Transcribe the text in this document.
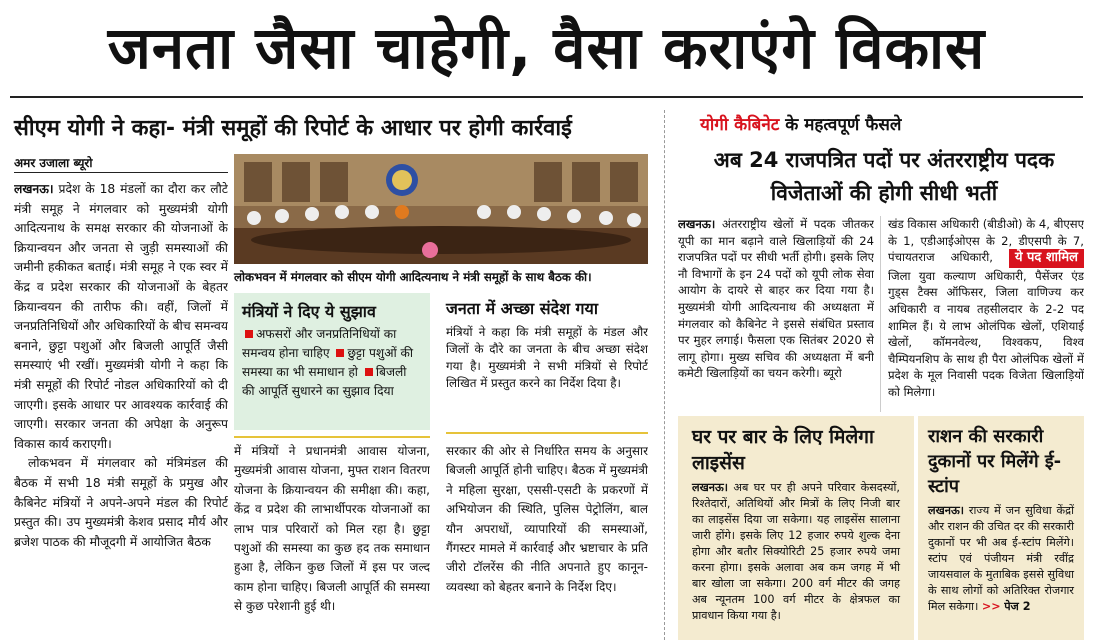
जनता जैसा चाहेगी, वैसा कराएंगे विकास
सीएम योगी ने कहा- मंत्री समूहों की रिपोर्ट के आधार पर होगी कार्रवाई
अमर उजाला ब्यूरो

लखनऊ। प्रदेश के 18 मंडलों का दौरा कर लौटे मंत्री समूह ने मंगलवार को मुख्यमंत्री योगी आदित्यनाथ के समक्ष सरकार की योजनाओं के क्रियान्वयन और जनता से जुड़ी समस्याओं की जमीनी हकीकत बताई। मंत्री समूह ने एक स्वर में केंद्र व प्रदेश सरकार की योजनाओं के बेहतर क्रियान्वयन की तारीफ की। वहीं, जिलों में जनप्रतिनिधियों और अधिकारियों के बीच समन्वय बनाने, छुट्टा पशुओं और बिजली आपूर्ति जैसी समस्याएं भी रखीं। मुख्यमंत्री योगी ने कहा कि मंत्री समूहों की रिपोर्ट नोडल अधिकारियों को दी जाएगी। इसके आधार पर आवश्यक कार्रवाई की जाएगी। सरकार जनता की अपेक्षा के अनुरूप विकास कार्य कराएगी।

लोकभवन में मंगलवार को मंत्रिमंडल की बैठक में सभी 18 मंत्री समूहों के प्रमुख और कैबिनेट मंत्रियों ने अपने-अपने मंडल की रिपोर्ट प्रस्तुत की। उप मुख्यमंत्री केशव प्रसाद मौर्य और ब्रजेश पाठक की मौजूदगी में आयोजित बैठक

लोकभवन में मंगलवार को सीएम योगी आदित्यनाथ ने मंत्री समूहों के साथ बैठक की।
मंत्रियों ने दिए ये सुझाव
अफसरों और जनप्रतिनिधियों का समन्वय होना चाहिए छुट्टा पशुओं की समस्या का भी समाधान हो बिजली की आपूर्ति सुधारने का सुझाव दिया
जनता में अच्छा संदेश गया
मंत्रियों ने कहा कि मंत्री समूहों के मंडल और जिलों के दौरे का जनता के बीच अच्छा संदेश गया है। मुख्यमंत्री ने सभी मंत्रियों से रिपोर्ट लिखित में प्रस्तुत करने का निर्देश दिया है।
में मंत्रियों ने प्रधानमंत्री आवास योजना, मुख्यमंत्री आवास योजना, मुफ्त राशन वितरण योजना के क्रियान्वयन की समीक्षा की। कहा, केंद्र व प्रदेश की लाभार्थीपरक योजनाओं का लाभ पात्र परिवारों को मिल रहा है। छुट्टा पशुओं की समस्या का कुछ हद तक समाधान हुआ है, लेकिन कुछ जिलों में इस पर जल्द काम होना चाहिए। बिजली आपूर्ति की समस्या से कुछ परेशानी हुई थी।
सरकार की ओर से निर्धारित समय के अनुसार बिजली आपूर्ति होनी चाहिए। बैठक में मुख्यमंत्री ने महिला सुरक्षा, एससी-एसटी के प्रकरणों में अभियोजन की स्थिति, पुलिस पेट्रोलिंग, बाल यौन अपराधों, व्यापारियों की समस्याओं, गैंगस्टर मामले में कार्रवाई और भ्रष्टाचार के प्रति जीरो टॉलरेंस की नीति अपनाते हुए कानून-व्यवस्था को बेहतर बनाने के निर्देश दिए।
योगी कैबिनेट के महत्वपूर्ण फैसले
अब 24 राजपत्रित पदों पर अंतरराष्ट्रीय पदक विजेताओं की होगी सीधी भर्ती
लखनऊ। अंतरराष्ट्रीय खेलों में पदक जीतकर यूपी का मान बढ़ाने वाले खिलाड़ियों की 24 राजपत्रित पदों पर सीधी भर्ती होगी। इसके लिए नौ विभागों के इन 24 पदों को यूपी लोक सेवा आयोग के दायरे से बाहर कर दिया गया है। मुख्यमंत्री योगी आदित्यनाथ की अध्यक्षता में मंगलवार को कैबिनेट ने इससे संबंधित प्रस्ताव पर मुहर लगाई। फैसला एक सितंबर 2020 से लागू होगा। मुख्य सचिव की अध्यक्षता में बनी कमेटी खिलाड़ियों का चयन करेगी। ब्यूरो
खंड विकास अधिकारी (बीडीओ) के 4, बीएसए के 1, एडीआईओएस के 2, डीएसपी के 7, पंचायतराज अधिकारी, ये पद शामिल जिला युवा कल्याण अधिकारी, पैसेंजर एंड गुड्स टैक्स ऑफिसर, जिला वाणिज्य कर अधिकारी व नायब तहसीलदार के 2-2 पद शामिल हैं। ये लाभ ओलंपिक खेलों, एशियाई खेलों, कॉमनवेल्थ, विश्वकप, विश्व चैम्पियनशिप के साथ ही पैरा ओलंपिक खेलों में प्रदेश के मूल निवासी पदक विजेता खिलाड़ियों को मिलेगा।
घर पर बार के लिए मिलेगा लाइसेंस
लखनऊ। अब घर पर ही अपने परिवार केसदस्यों, रिश्तेदारों, अतिथियों और मित्रों के लिए निजी बार का लाइसेंस दिया जा सकेगा। यह लाइसेंस सालाना जारी होंगे। इसके लिए 12 हजार रुपये शुल्क देना होगा और बतौर सिक्योरिटी 25 हजार रुपये जमा करना होगा। इसके अलावा अब कम जगह में भी बार खोला जा सकेगा। 200 वर्ग मीटर की जगह अब न्यूनतम 100 वर्ग मीटर के क्षेत्रफल का प्रावधान किया गया है।
राशन की सरकारी दुकानों पर मिलेंगे ई-स्टांप
लखनऊ। राज्य में जन सुविधा केंद्रों और राशन की उचित दर की सरकारी दुकानों पर भी अब ई-स्टांप मिलेंगे। स्टांप एवं पंजीयन मंत्री रवींद्र जायसवाल के मुताबिक इससे सुविधा के साथ लोगों को अतिरिक्त रोजगार मिल सकेगा। >> पेज 2
